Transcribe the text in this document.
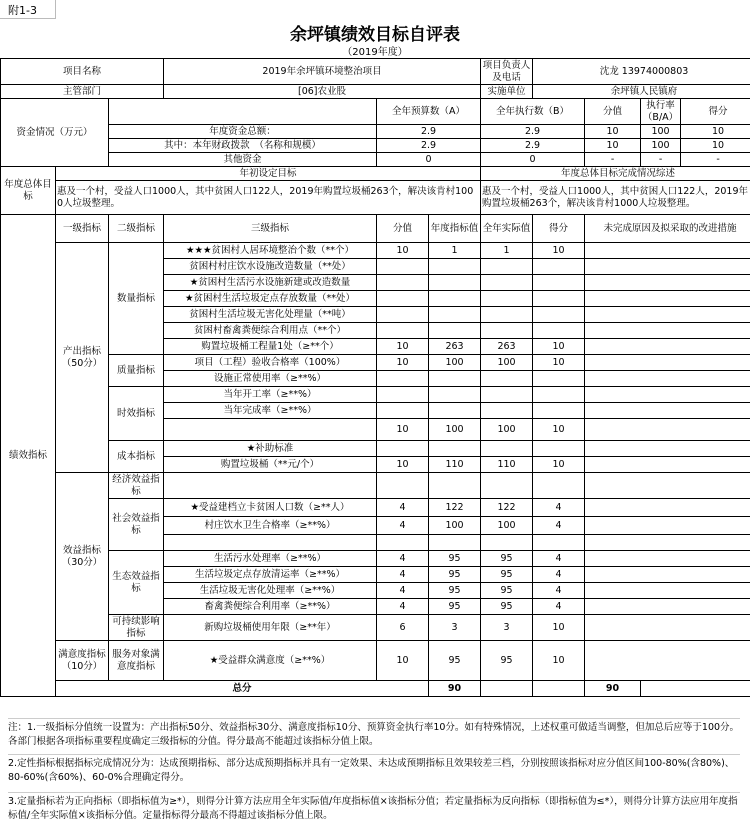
附1-3
余坪镇绩效目标自评表
（2019年度）
项目名称			2019年余坪镇环境整治项目			项目负责人及电话	沈龙 13974000803			
主管部门			[06]农业股			实施单位	余坪镇人民镇府			
资金情况（万元）				全年预算数（A）		全年执行数（B）		分值	执行率（B/A）	得分
		年度资金总额：		2.9		2.9		10	100	10
		其中：本年财政拨款　（名称和规模）		2.9		2.9		10	100	10
		其他资金		0		0		-	-	-
年度总体目标	年初设定目标					年度总体目标完成情况综述				
	惠及一个村，受益人口1000人，其中贫困人口122人，2019年购置垃圾桶263个，解决该肯村1000人垃圾整理。					惠及一个村，受益人口1000人，其中贫困人口122人，2019年购置垃圾桶263个，解决该肯村1000人垃圾整理。				
绩效指标	一级指标	二级指标	三级指标	分值	年度指标值	全年实际值	得分	未完成原因及拟采取的改进措施		
	产出指标（50分）	数量指标	★★★贫困村人居环境整治个数（**个）	10	1	1	10			
			贫困村村庄饮水设施改造数量（**处）							
			★贫困村生活污水设施新建或改造数量							
			★贫困村生活垃圾定点存放数量（**处）							
			贫困村生活垃圾无害化处理量（**吨）							
			贫困村畜禽粪便综合利用点（**个）							
			购置垃圾桶工程量1处（≥**个）	10	263	263	10			
		质量指标	项目（工程）验收合格率（100%）	10	100	100	10			
			设施正常使用率（≥**%）							
		时效指标	当年开工率（≥**%）							
			当年完成率（≥**%）							
				10	100	100	10			
		成本指标	★补助标准							
			购置垃圾桶（**元/个）	10	110	110	10			
	效益指标（30分）	经济效益指标								
		社会效益指标	★受益建档立卡贫困人口数（≥**人）	4	122	122	4			
			村庄饮水卫生合格率（≥**%）	4	100	100	4			

		生态效益指标	生活污水处理率（≥**%）	4	95	95	4			
			生活垃圾定点存放清运率（≥**%）	4	95	95	4			
			生活垃圾无害化处理率（≥**%）	4	95	95	4			
			畜禽粪便综合利用率（≥**%）	4	95	95	4			
		可持续影响指标	新购垃圾桶使用年限（≥**年）	6	3	3	10			
	满意度指标（10分）	服务对象满意度指标	★受益群众满意度（≥**%）	10	95	95	10			
	总分				90			90		
注：1.一级指标分值统一设置为：产出指标50分、效益指标30分、满意度指标10分、预算资金执行率10分。如有特殊情况，上述权重可做适当调整，但加总后应等于100分。各部门根据各项指标重要程度确定三级指标的分值。得分最高不能超过该指标分值上限。
2.定性指标根据指标完成情况分为：达成预期指标、部分达成预期指标并具有一定效果、未达成预期指标且效果较差三档，分别按照该指标对应分值区间100-80%(含80%)、80-60%(含60%)、60-0%合理确定得分。
3.定量指标若为正向指标（即指标值为≥*），则得分计算方法应用全年实际值/年度指标值×该指标分值；若定量指标为反向指标（即指标值为≤*），则得分计算方法应用年度指标值/全年实际值×该指标分值。定量指标得分最高不得超过该指标分值上限。
